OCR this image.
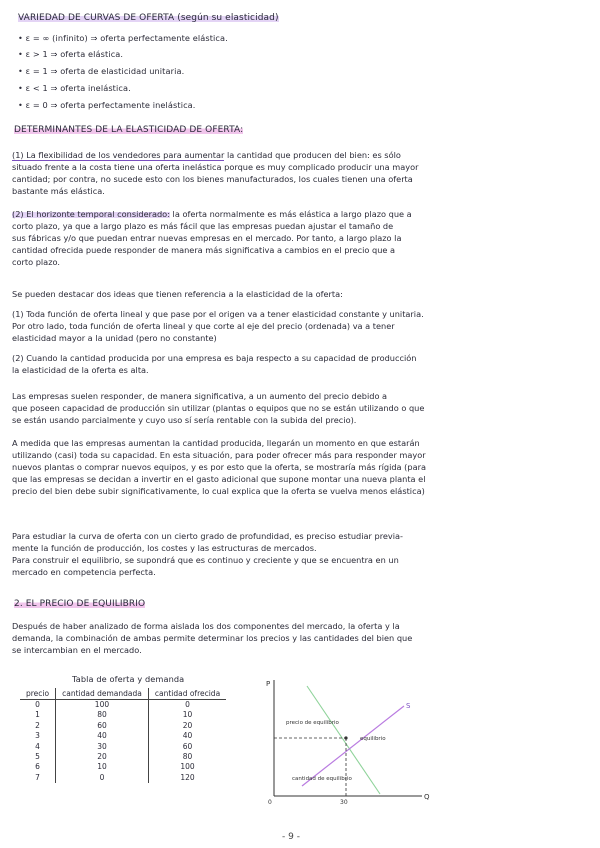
VARIEDAD DE CURVAS DE OFERTA (según su elasticidad)
• ε = ∞ (infinito) ⇒ oferta perfectamente elástica.
• ε > 1 ⇒ oferta elástica.
• ε = 1 ⇒ oferta de elasticidad unitaria.
• ε < 1 ⇒ oferta inelástica.
• ε = 0 ⇒ oferta perfectamente inelástica.
DETERMINANTES DE LA ELASTICIDAD DE OFERTA:

(1) La flexibilidad de los vendedores para aumentar la cantidad que producen del bien: es sólo

situado frente a la costa tiene una oferta inelástica porque es muy complicado producir una mayor

cantidad; por contra, no sucede esto con los bienes manufacturados, los cuales tienen una oferta

bastante más elástica.

(2) El horizonte temporal considerado: la oferta normalmente es más elástica a largo plazo que a

corto plazo, ya que a largo plazo es más fácil que las empresas puedan ajustar el tamaño de

sus fábricas y/o que puedan entrar nuevas empresas en el mercado. Por tanto, a largo plazo la

cantidad ofrecida puede responder de manera más significativa a cambios en el precio que a

corto plazo.

Se pueden destacar dos ideas que tienen referencia a la elasticidad de la oferta:

(1) Toda función de oferta lineal y que pase por el origen va a tener elasticidad constante y unitaria.

Por otro lado, toda función de oferta lineal y que corte al eje del precio (ordenada) va a tener

elasticidad mayor a la unidad (pero no constante)

(2) Cuando la cantidad producida por una empresa es baja respecto a su capacidad de producción

la elasticidad de la oferta es alta.

Las empresas suelen responder, de manera significativa, a un aumento del precio debido a

que poseen capacidad de producción sin utilizar (plantas o equipos que no se están utilizando o que

se están usando parcialmente y cuyo uso sí sería rentable con la subida del precio).

A medida que las empresas aumentan la cantidad producida, llegarán un momento en que estarán

utilizando (casi) toda su capacidad. En esta situación, para poder ofrecer más para responder mayor

nuevos plantas o comprar nuevos equipos, y es por esto que la oferta, se mostraría más rígida (para

que las empresas se decidan a invertir en el gasto adicional que supone montar una nueva planta el

precio del bien debe subir significativamente, lo cual explica que la oferta se vuelva menos elástica)

Para estudiar la curva de oferta con un cierto grado de profundidad, es preciso estudiar previa-

mente la función de producción, los costes y las estructuras de mercados.

Para construir el equilibrio, se supondrá que es continuo y creciente y que se encuentra en un

mercado en competencia perfecta.

2. EL PRECIO DE EQUILIBRIO

Después de haber analizado de forma aislada los dos componentes del mercado, la oferta y la

demanda, la combinación de ambas permite determinar los precios y las cantidades del bien que

se intercambian en el mercado.

Tabla de oferta y demanda
precio	cantidad demandada	cantidad ofrecida
0	100	0
1	80	10
2	60	20
3	40	40
4	30	60
5	20	80
6	10	100
7	0	120
P
Q
0
S
precio de equilibrio
equilibrio
cantidad de equilibrio
30
- 9 -
